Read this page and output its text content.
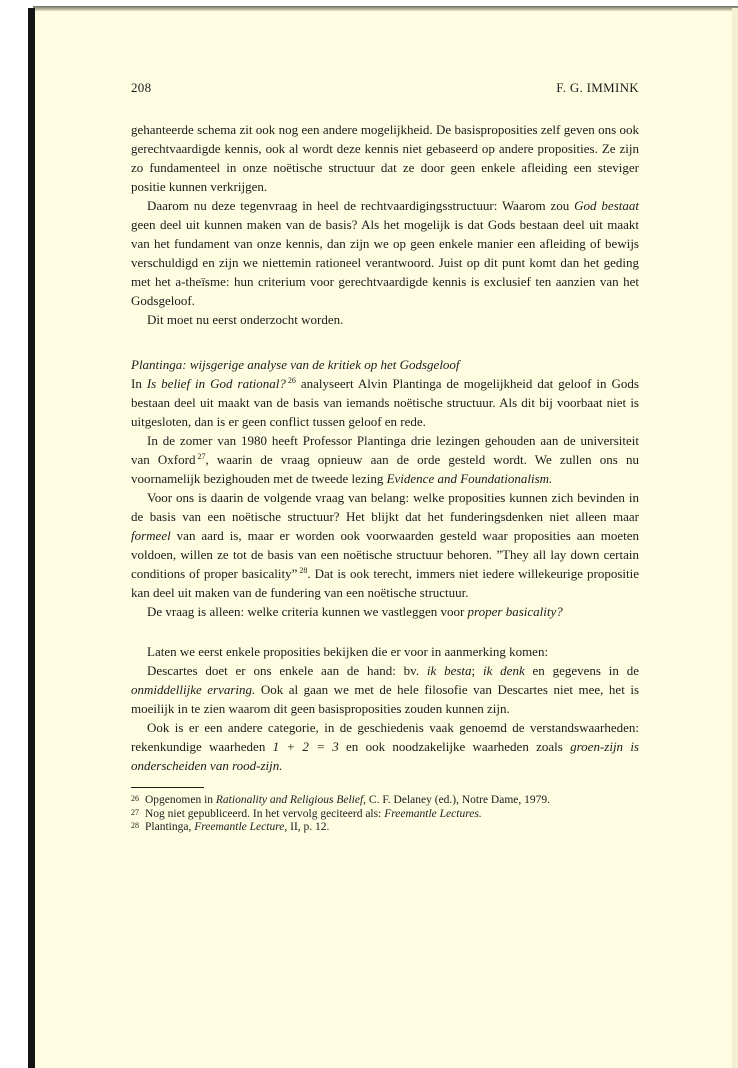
208	F. G. IMMINK

gehanteerde schema zit ook nog een andere mogelijkheid. De basisproposities zelf geven ons ook gerechtvaardigde kennis, ook al wordt deze kennis niet gebaseerd op andere proposities. Ze zijn zo fundamenteel in onze noëtische structuur dat ze door geen enkele afleiding een steviger positie kunnen verkrijgen.

Daarom nu deze tegenvraag in heel de rechtvaardigingsstructuur: Waarom zou God bestaat geen deel uit kunnen maken van de basis? Als het mogelijk is dat Gods bestaan deel uit maakt van het fundament van onze kennis, dan zijn we op geen enkele manier een afleiding of bewijs verschuldigd en zijn we niettemin rationeel verantwoord. Juist op dit punt komt dan het geding met het a-theïsme: hun criterium voor gerechtvaardigde kennis is exclusief ten aanzien van het Godsgeloof.

Dit moet nu eerst onderzocht worden.

Plantinga: wijsgerige analyse van de kritiek op het Godsgeloof

In Is belief in God rational? $^{26}$ analyseert Alvin Plantinga de mogelijkheid dat geloof in Gods bestaan deel uit maakt van de basis van iemands noëtische structuur. Als dit bij voorbaat niet is uitgesloten, dan is er geen conflict tussen geloof en rede.

In de zomer van 1980 heeft Professor Plantinga drie lezingen gehouden aan de universiteit van Oxford $^{27}$, waarin de vraag opnieuw aan de orde gesteld wordt. We zullen ons nu voornamelijk bezighouden met de tweede lezing Evidence and Foundationalism.

Voor ons is daarin de volgende vraag van belang: welke proposities kunnen zich bevinden in de basis van een noëtische structuur? Het blijkt dat het funderingsdenken niet alleen maar formeel van aard is, maar er worden ook voorwaarden gesteld waar proposities aan moeten voldoen, willen ze tot de basis van een noëtische structuur behoren. ”They all lay down certain conditions of proper basicality” $^{28}$. Dat is ook terecht, immers niet iedere willekeurige propositie kan deel uit maken van de fundering van een noëtische structuur.

De vraag is alleen: welke criteria kunnen we vastleggen voor proper basicality?

Laten we eerst enkele proposities bekijken die er voor in aanmerking komen:

Descartes doet er ons enkele aan de hand: bv. ik besta; ik denk en gegevens in de onmiddellijke ervaring. Ook al gaan we met de hele filosofie van Descartes niet mee, het is moeilijk in te zien waarom dit geen basisproposities zouden kunnen zijn.

Ook is er een andere categorie, in de geschiedenis vaak genoemd de verstandswaarheden: rekenkundige waarheden 1 + 2 = 3 en ook noodzakelijke waarheden zoals groen-zijn is onderscheiden van rood-zijn.

26 Opgenomen in Rationality and Religious Belief, C. F. Delaney (ed.), Notre Dame, 1979.
27 Nog niet gepubliceerd. In het vervolg geciteerd als: Freemantle Lectures.
28 Plantinga, Freemantle Lecture, II, p. 12.
